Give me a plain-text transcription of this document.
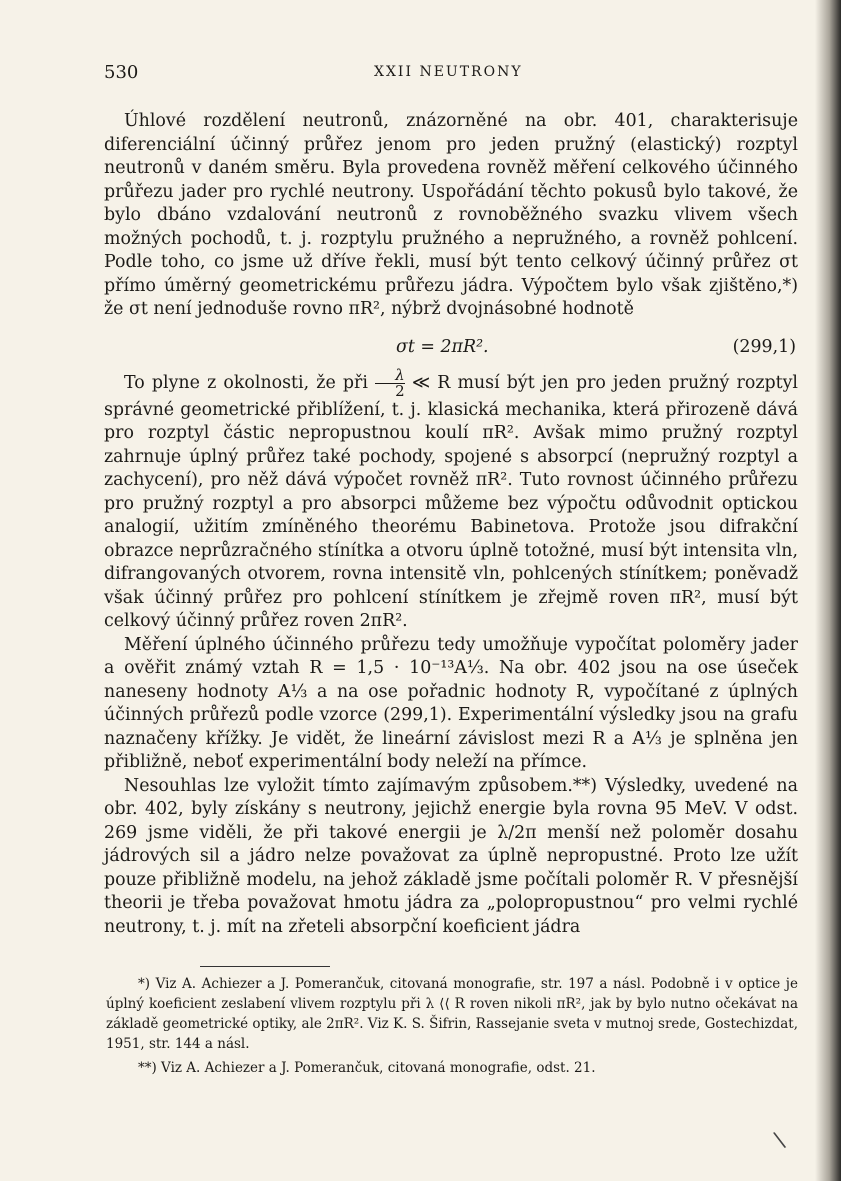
530	XXII NEUTRONY

Úhlové rozdělení neutronů, znázorněné na obr. 401, charakterisuje diferenciální účinný průřez jenom pro jeden pružný (elastický) rozptyl neutronů v daném směru. Byla provedena rovněž měření celkového účinného průřezu jader pro rychlé neutrony. Uspořádání těchto pokusů bylo takové, že bylo dbáno vzdalování neutronů z rovnoběžného svazku vlivem všech možných pochodů, t. j. rozptylu pružného a nepružného, a rovněž pohlcení. Podle toho, co jsme už dříve řekli, musí být tento celkový účinný průřez σt přímo úměrný geometrickému průřezu jádra. Výpočtem bylo však zjištěno,*) že σt není jednoduše rovno πR², nýbrž dvojnásobné hodnotě

σt = 2πR².	(299,1)

To plyne z okolnosti, že při $\frac{\lambda}{2}$ ≪ R musí být jen pro jeden pružný rozptyl správné geometrické přiblížení, t. j. klasická mechanika, která přirozeně dává pro rozptyl částic nepropustnou koulí πR². Avšak mimo pružný rozptyl zahrnuje úplný průřez také pochody, spojené s absorpcí (nepružný rozptyl a zachycení), pro něž dává výpočet rovněž πR². Tuto rovnost účinného průřezu pro pružný rozptyl a pro absorpci můžeme bez výpočtu odůvodnit optickou analogií, užitím zmíněného theorému Babinetova. Protože jsou difrakční obrazce neprůzračného stínítka a otvoru úplně totožné, musí být intensita vln, difrangovaných otvorem, rovna intensitě vln, pohlcených stínítkem; poněvadž však účinný průřez pro pohlcení stínítkem je zřejmě roven πR², musí být celkový účinný průřez roven 2πR².

Měření úplného účinného průřezu tedy umožňuje vypočítat poloměry jader a ověřit známý vztah R = 1,5 · 10⁻¹³A⅓. Na obr. 402 jsou na ose úseček naneseny hodnoty A⅓ a na ose pořadnic hodnoty R, vypočítané z úplných účinných průřezů podle vzorce (299,1). Experimentální výsledky jsou na grafu naznačeny křížky. Je vidět, že lineární závislost mezi R a A⅓ je splněna jen přibližně, neboť experimentální body neleží na přímce.

Nesouhlas lze vyložit tímto zajímavým způsobem.**) Výsledky, uvedené na obr. 402, byly získány s neutrony, jejichž energie byla rovna 95 MeV. V odst. 269 jsme viděli, že při takové energii je λ/2π menší než poloměr dosahu jádrových sil a jádro nelze považovat za úplně nepropustné. Proto lze užít pouze přibližně modelu, na jehož základě jsme počítali poloměr R. V přesnější theorii je třeba považovat hmotu jádra za „polopropustnou“ pro velmi rychlé neutrony, t. j. mít na zřeteli absorpční koeficient jádra

*) Viz A. Achiezer a J. Pomerančuk, citovaná monografie, str. 197 a násl. Podobně i v optice je úplný koeficient zeslabení vlivem rozptylu při λ ⟨⟨ R roven nikoli πR², jak by bylo nutno očekávat na základě geometrické optiky, ale 2πR². Viz K. S. Šifrin, Rassejanie sveta v mutnoj srede, Gostechizdat, 1951, str. 144 a násl.

**) Viz A. Achiezer a J. Pomerančuk, citovaná monografie, odst. 21.

\
